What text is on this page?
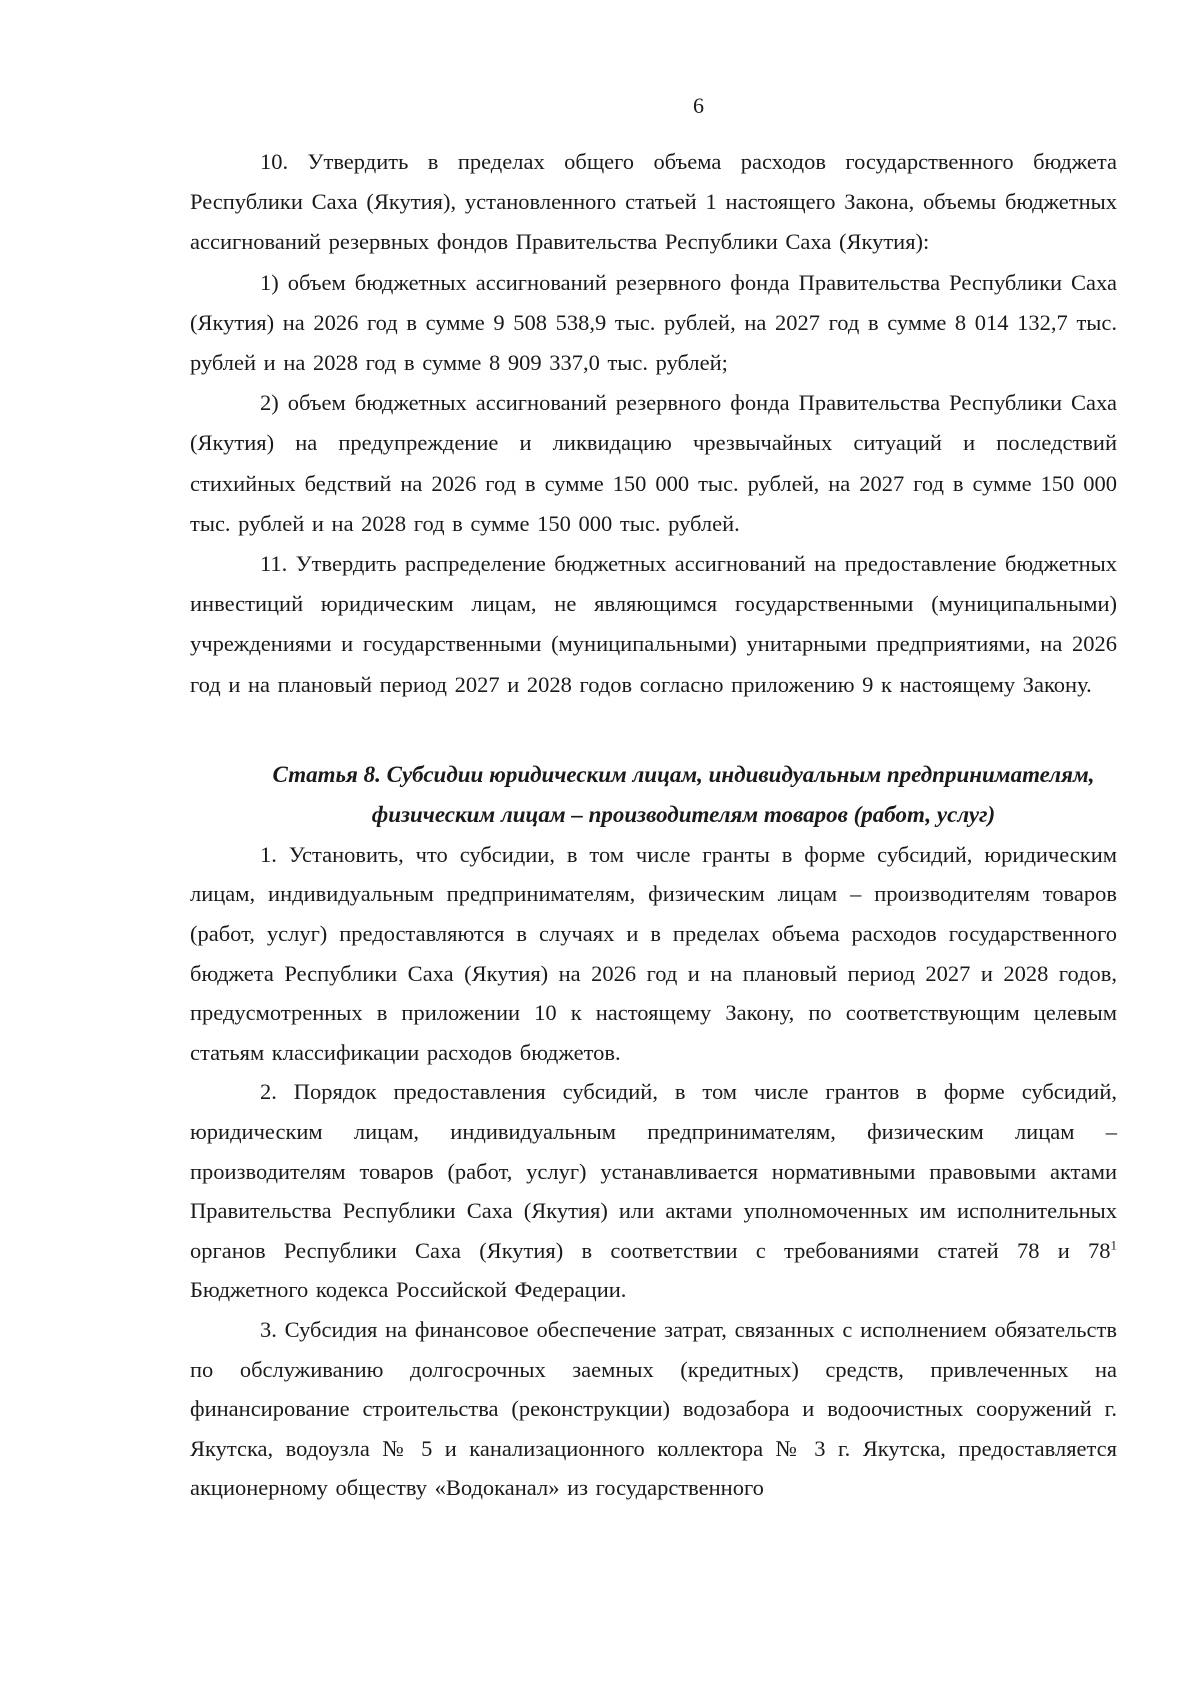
6

10. Утвердить в пределах общего объема расходов государственного бюджета Республики Саха (Якутия), установленного статьей 1 настоящего Закона, объемы бюджетных ассигнований резервных фондов Правительства Республики Саха (Якутия):

1) объем бюджетных ассигнований резервного фонда Правительства Республики Саха (Якутия) на 2026 год в сумме 9 508 538,9 тыс. рублей, на 2027 год в сумме 8 014 132,7 тыс. рублей и на 2028 год в сумме 8 909 337,0 тыс. рублей;

2) объем бюджетных ассигнований резервного фонда Правительства Республики Саха (Якутия) на предупреждение и ликвидацию чрезвычайных ситуаций и последствий стихийных бедствий на 2026 год в сумме 150 000 тыс. рублей, на 2027 год в сумме 150 000 тыс. рублей и на 2028 год в сумме 150 000 тыс. рублей.

11. Утвердить распределение бюджетных ассигнований на предоставление бюджетных инвестиций юридическим лицам, не являющимся государственными (муниципальными) учреждениями и государственными (муниципальными) унитарными предприятиями, на 2026 год и на плановый период 2027 и 2028 годов согласно приложению 9 к настоящему Закону.

Статья 8. Субсидии юридическим лицам, индивидуальным предпринимателям,
физическим лицам – производителям товаров (работ, услуг)

1. Установить, что субсидии, в том числе гранты в форме субсидий, юридическим лицам, индивидуальным предпринимателям, физическим лицам – производителям товаров (работ, услуг) предоставляются в случаях и в пределах объема расходов государственного бюджета Республики Саха (Якутия) на 2026 год и на плановый период 2027 и 2028 годов, предусмотренных в приложении 10 к настоящему Закону, по соответствующим целевым статьям классификации расходов бюджетов.

2. Порядок предоставления субсидий, в том числе грантов в форме субсидий, юридическим лицам, индивидуальным предпринимателям, физическим лицам – производителям товаров (работ, услуг) устанавливается нормативными правовыми актами Правительства Республики Саха (Якутия) или актами уполномоченных им исполнительных органов Республики Саха (Якутия) в соответствии с требованиями статей 78 и $78^1$ Бюджетного кодекса Российской Федерации.

3. Субсидия на финансовое обеспечение затрат, связанных с исполнением обязательств по обслуживанию долгосрочных заемных (кредитных) средств, привлеченных на финансирование строительства (реконструкции) водозабора и водоочистных сооружений г. Якутска, водоузла № 5 и канализационного коллектора № 3 г. Якутска, предоставляется акционерному обществу «Водоканал» из государственного
